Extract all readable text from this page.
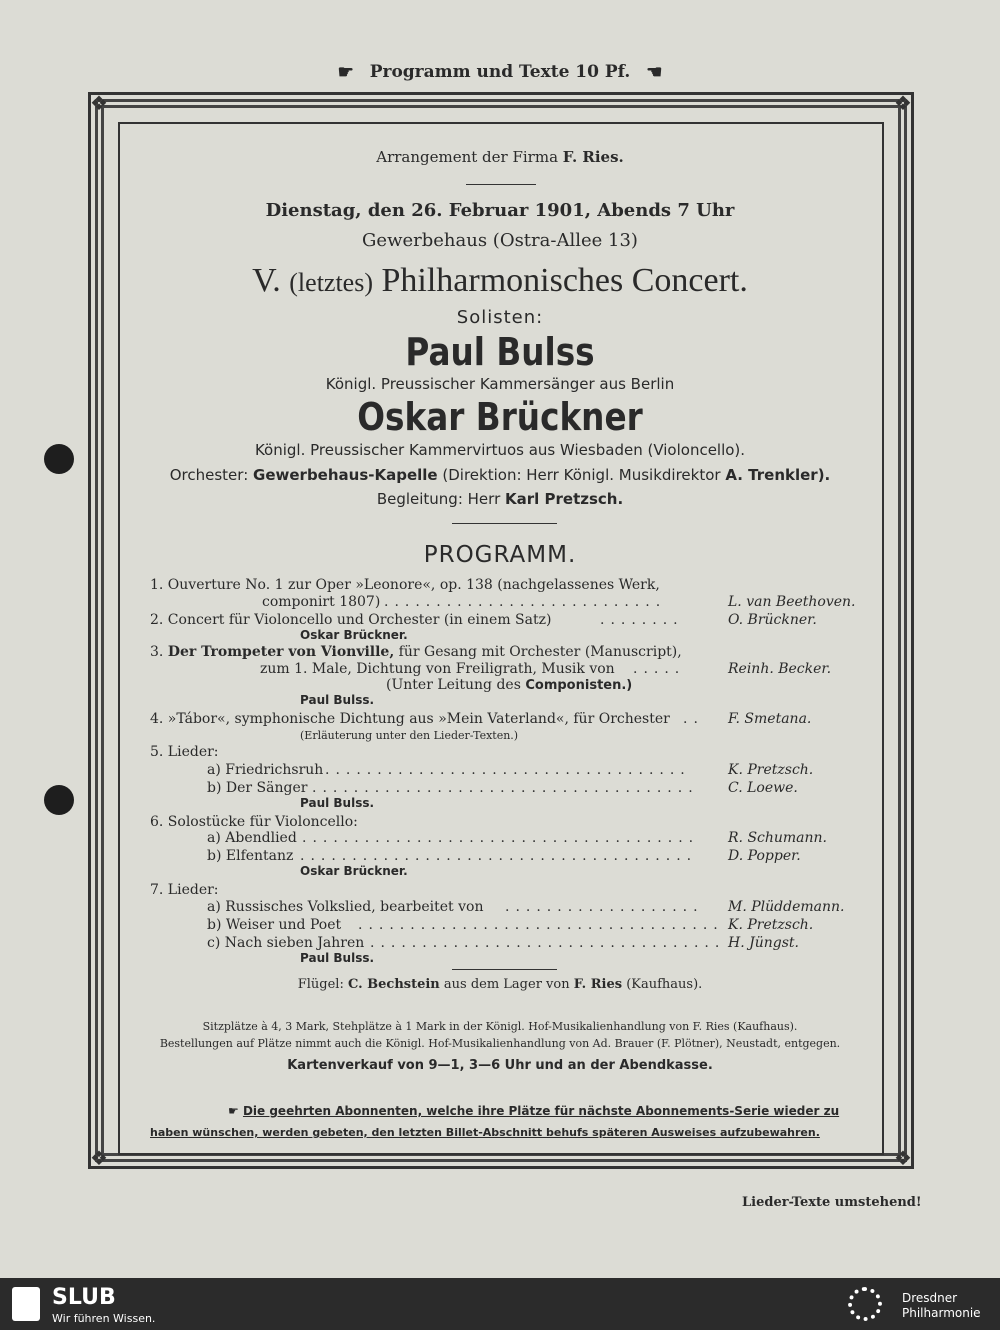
☛ Programm und Texte 10 Pf. ☚
❖	❖
❖	❖
Arrangement der Firma F. Ries.
Dienstag, den 26. Februar 1901, Abends 7 Uhr
Gewerbehaus (Ostra-Allee 13)
V. (letztes) Philharmonisches Concert.
Solisten:
Paul Bulss
Königl. Preussischer Kammersänger aus Berlin
Oskar Brückner
Königl. Preussischer Kammervirtuos aus Wiesbaden (Violoncello).
Orchester: Gewerbehaus-Kapelle (Direktion: Herr Königl. Musikdirektor A. Trenkler).
Begleitung: Herr Karl Pretzsch.
PROGRAMM.
1. Ouverture No. 1 zur Oper »Leonore«, op. 138 (nachgelassenes Werk,
componirt 1807) ...........................	L. van Beethoven.
2. Concert für Violoncello und Orchester (in einem Satz)	........	O. Brückner.
Oskar Brückner.
3. Der Trompeter von Vionville, für Gesang mit Orchester (Manuscript),
zum 1. Male, Dichtung von Freiligrath, Musik von	.....	Reinh. Becker.
(Unter Leitung des Componisten.)
Paul Bulss.
4. »Tábor«, symphonische Dichtung aus »Mein Vaterland«, für Orchester .. F. Smetana.
(Erläuterung unter den Lieder-Texten.)
5. Lieder:
a) Friedrichsruh ...................................	K. Pretzsch.
b) Der Sänger ..................................... C. Loewe.
Paul Bulss.
6. Solostücke für Violoncello:
a) Abendlied ...................................... R. Schumann.
b) Elfentanz ...................................... D. Popper.
Oskar Brückner.
7. Lieder:
a) Russisches Volkslied, bearbeitet von	................... M. Plüddemann.
b) Weiser und Poet	................................... K. Pretzsch.
c) Nach sieben Jahren .................................. H. Jüngst.
Paul Bulss.
Flügel: C. Bechstein aus dem Lager von F. Ries (Kaufhaus).
Sitzplätze à 4, 3 Mark, Stehplätze à 1 Mark in der Königl. Hof-Musikalienhandlung von F. Ries (Kaufhaus).
Bestellungen auf Plätze nimmt auch die Königl. Hof-Musikalienhandlung von Ad. Brauer (F. Plötner), Neustadt, entgegen.
Kartenverkauf von 9—1, 3—6 Uhr und an der Abendkasse.
☛ Die geehrten Abonnenten, welche ihre Plätze für nächste Abonnements-Serie wieder zu
haben wünschen, werden gebeten, den letzten Billet-Abschnitt behufs späteren Ausweises aufzubewahren.
Lieder-Texte umstehend!
SLUB
Wir führen Wissen.
Dresdner
Philharmonie
